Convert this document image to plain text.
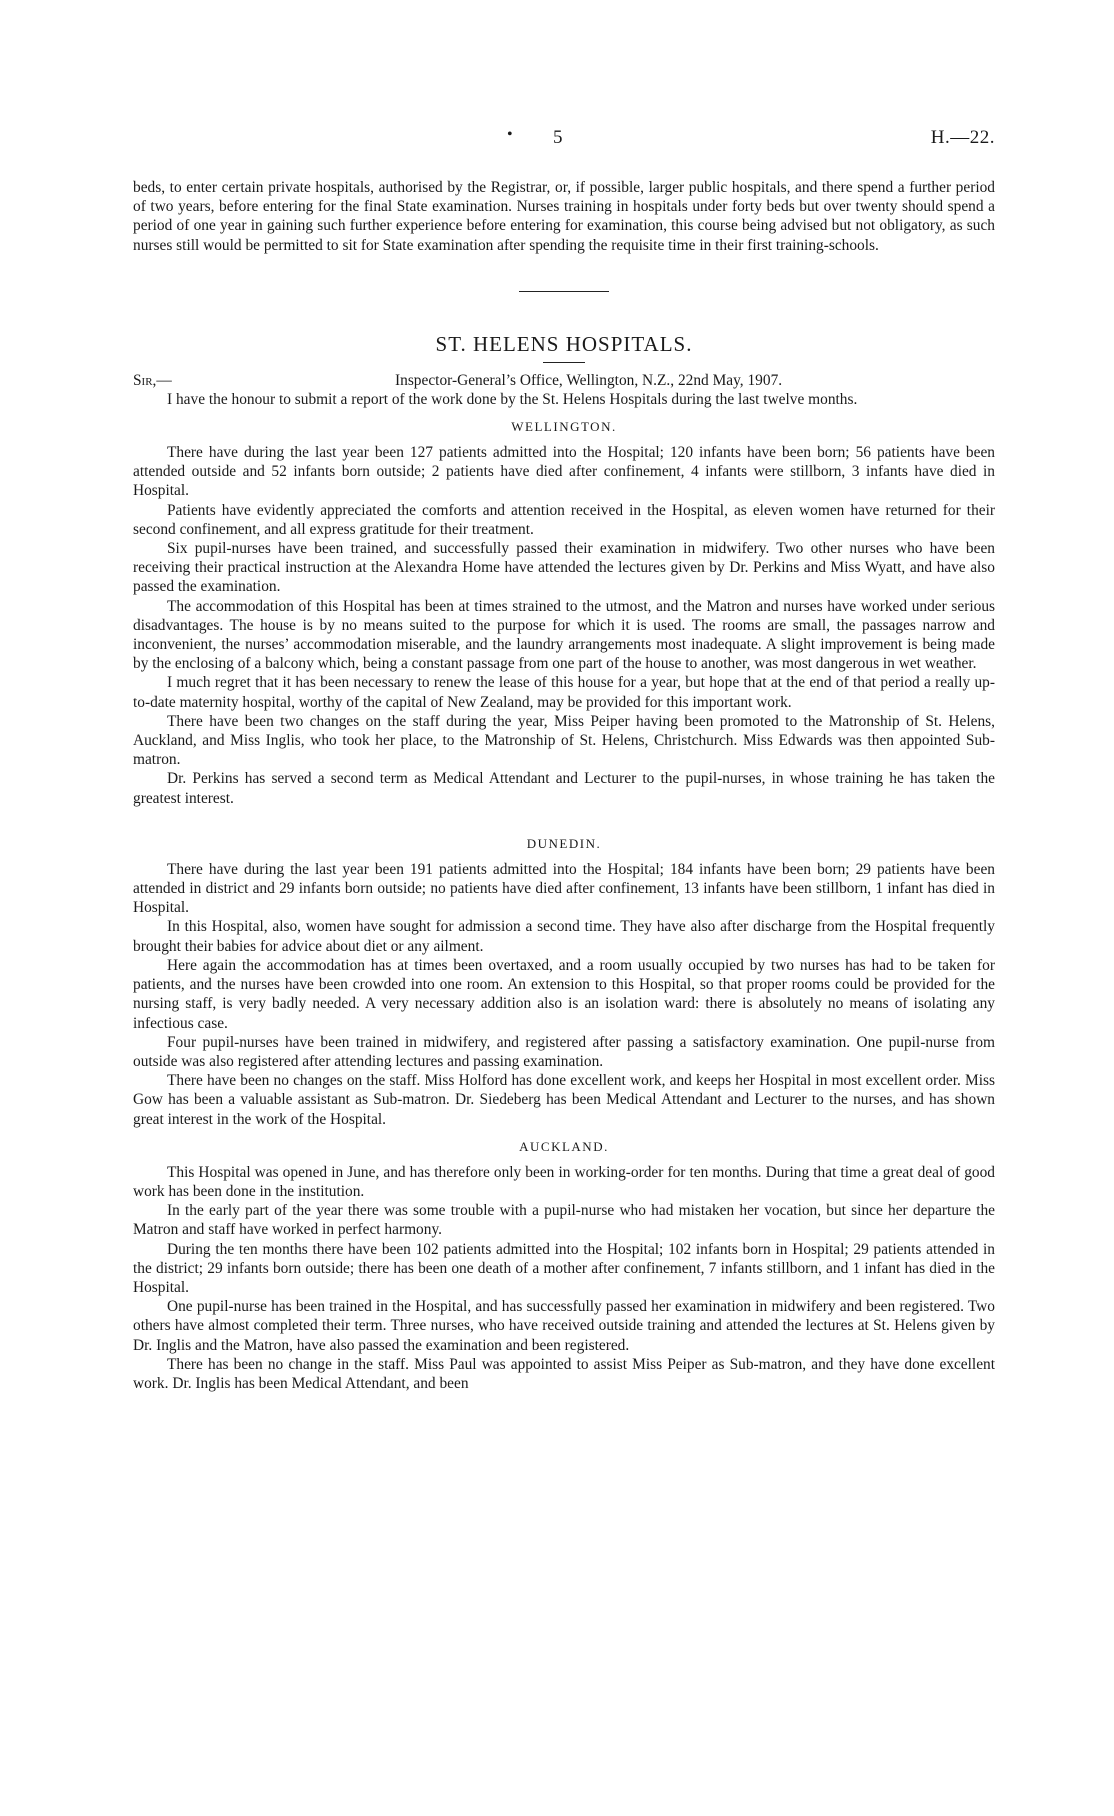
• 5	H.—22.

beds, to enter certain private hospitals, authorised by the Registrar, or, if possible, larger public hospitals, and there spend a further period of two years, before entering for the final State examination. Nurses training in hospitals under forty beds but over twenty should spend a period of one year in gaining such further experience before entering for examination, this course being advised but not obligatory, as such nurses still would be permitted to sit for State examination after spending the requisite time in their first training-schools.

ST. HELENS HOSPITALS.
Sir,—	Inspector-General’s Office, Wellington, N.Z., 22nd May, 1907.

I have the honour to submit a report of the work done by the St. Helens Hospitals during the last twelve months.

WELLINGTON.

There have during the last year been 127 patients admitted into the Hospital; 120 infants have been born; 56 patients have been attended outside and 52 infants born outside; 2 patients have died after confinement, 4 infants were stillborn, 3 infants have died in Hospital.

Patients have evidently appreciated the comforts and attention received in the Hospital, as eleven women have returned for their second confinement, and all express gratitude for their treatment.

Six pupil-nurses have been trained, and successfully passed their examination in midwifery. Two other nurses who have been receiving their practical instruction at the Alexandra Home have attended the lectures given by Dr. Perkins and Miss Wyatt, and have also passed the examination.

The accommodation of this Hospital has been at times strained to the utmost, and the Matron and nurses have worked under serious disadvantages. The house is by no means suited to the purpose for which it is used. The rooms are small, the passages narrow and inconvenient, the nurses’ accommodation miserable, and the laundry arrangements most inadequate. A slight improvement is being made by the enclosing of a balcony which, being a constant passage from one part of the house to another, was most dangerous in wet weather.

I much regret that it has been necessary to renew the lease of this house for a year, but hope that at the end of that period a really up-to-date maternity hospital, worthy of the capital of New Zealand, may be provided for this important work.

There have been two changes on the staff during the year, Miss Peiper having been promoted to the Matronship of St. Helens, Auckland, and Miss Inglis, who took her place, to the Matronship of St. Helens, Christchurch. Miss Edwards was then appointed Sub-matron.

Dr. Perkins has served a second term as Medical Attendant and Lecturer to the pupil-nurses, in whose training he has taken the greatest interest.

DUNEDIN.

There have during the last year been 191 patients admitted into the Hospital; 184 infants have been born; 29 patients have been attended in district and 29 infants born outside; no patients have died after confinement, 13 infants have been stillborn, 1 infant has died in Hospital.

In this Hospital, also, women have sought for admission a second time. They have also after discharge from the Hospital frequently brought their babies for advice about diet or any ailment.

Here again the accommodation has at times been overtaxed, and a room usually occupied by two nurses has had to be taken for patients, and the nurses have been crowded into one room. An extension to this Hospital, so that proper rooms could be provided for the nursing staff, is very badly needed. A very necessary addition also is an isolation ward: there is absolutely no means of isolating any infectious case.

Four pupil-nurses have been trained in midwifery, and registered after passing a satisfactory examination. One pupil-nurse from outside was also registered after attending lectures and passing examination.

There have been no changes on the staff. Miss Holford has done excellent work, and keeps her Hospital in most excellent order. Miss Gow has been a valuable assistant as Sub-matron. Dr. Siedeberg has been Medical Attendant and Lecturer to the nurses, and has shown great interest in the work of the Hospital.

AUCKLAND.

This Hospital was opened in June, and has therefore only been in working-order for ten months. During that time a great deal of good work has been done in the institution.

In the early part of the year there was some trouble with a pupil-nurse who had mistaken her vocation, but since her departure the Matron and staff have worked in perfect harmony.

During the ten months there have been 102 patients admitted into the Hospital; 102 infants born in Hospital; 29 patients attended in the district; 29 infants born outside; there has been one death of a mother after confinement, 7 infants stillborn, and 1 infant has died in the Hospital.

One pupil-nurse has been trained in the Hospital, and has successfully passed her examination in midwifery and been registered. Two others have almost completed their term. Three nurses, who have received outside training and attended the lectures at St. Helens given by Dr. Inglis and the Matron, have also passed the examination and been registered.

There has been no change in the staff. Miss Paul was appointed to assist Miss Peiper as Sub-matron, and they have done excellent work. Dr. Inglis has been Medical Attendant, and been
